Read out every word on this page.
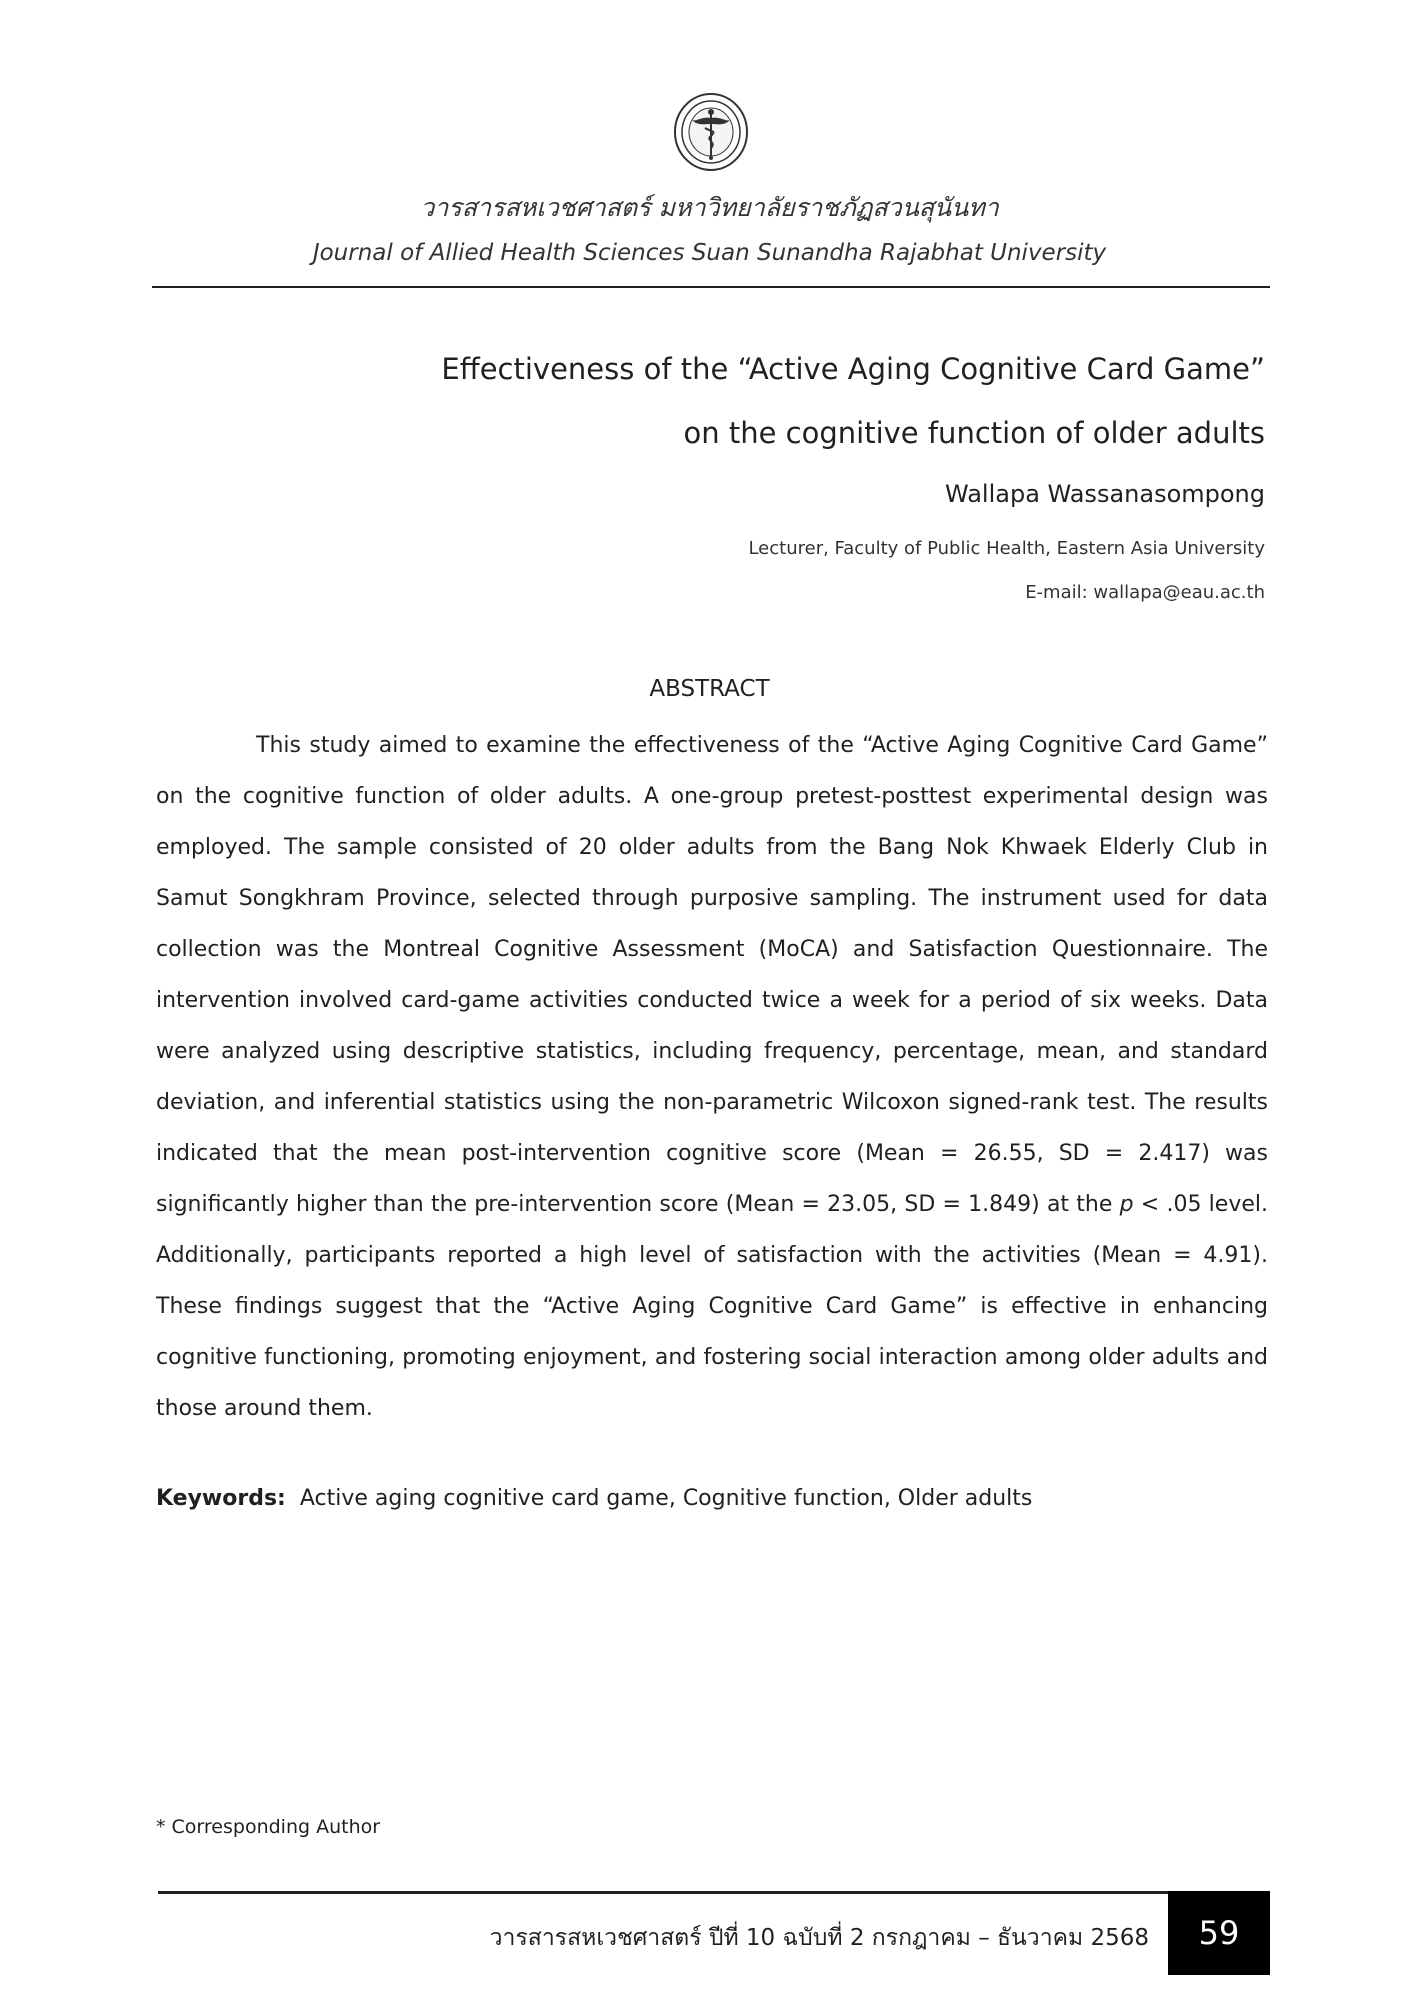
วารสารสหเวชศาสตร์ มหาวิทยาลัยราชภัฏสวนสุนันทา
Journal of Allied Health Sciences Suan Sunandha Rajabhat University
Effectiveness of the “Active Aging Cognitive Card Game”
on the cognitive function of older adults
Wallapa Wassanasompong
Lecturer, Faculty of Public Health, Eastern Asia University
E-mail: wallapa@eau.ac.th
ABSTRACT
This study aimed to examine the effectiveness of the “Active Aging Cognitive Card Game” on the cognitive function of older adults. A one-group pretest-posttest experimental design was employed. The sample consisted of 20 older adults from the Bang Nok Khwaek Elderly Club in Samut Songkhram Province, selected through purposive sampling. The instrument used for data collection was the Montreal Cognitive Assessment (MoCA) and Satisfaction Questionnaire. The intervention involved card-game activities conducted twice a week for a period of six weeks. Data were analyzed using descriptive statistics, including frequency, percentage, mean, and standard deviation, and inferential statistics using the non-parametric Wilcoxon signed-rank test. The results indicated that the mean post-intervention cognitive score (Mean = 26.55, SD = 2.417) was significantly higher than the pre-intervention score (Mean = 23.05, SD = 1.849) at the p < .05 level. Additionally, participants reported a high level of satisfaction with the activities (Mean = 4.91). These findings suggest that the “Active Aging Cognitive Card Game” is effective in enhancing cognitive functioning, promoting enjoyment, and fostering social interaction among older adults and those around them.
Keywords: Active aging cognitive card game, Cognitive function, Older adults
* Corresponding Author
วารสารสหเวชศาสตร์ ปีที่ 10 ฉบับที่ 2 กรกฎาคม – ธันวาคม 2568 59
